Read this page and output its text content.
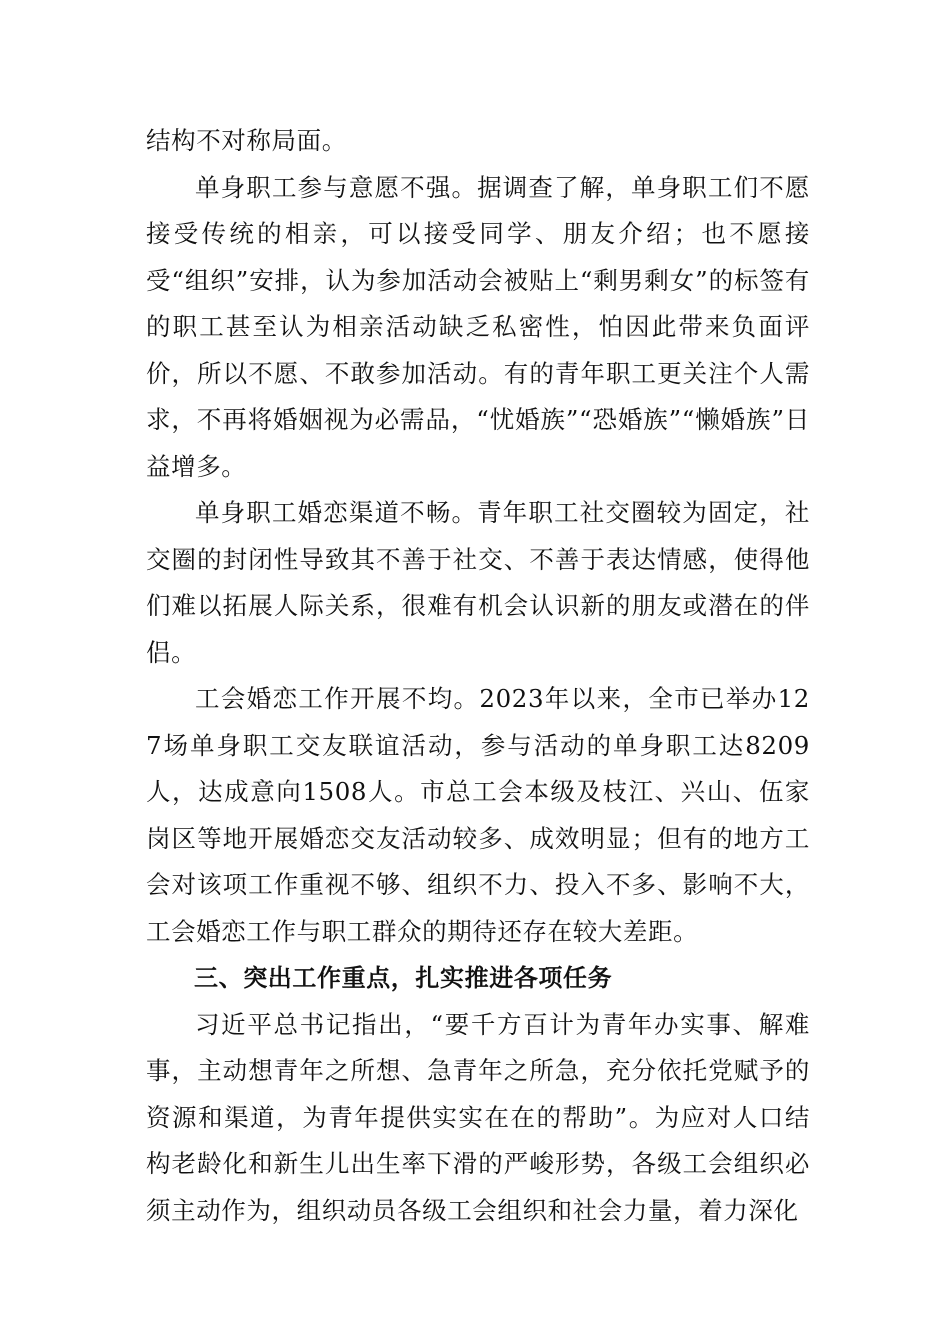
结构不对称局面。

单身职工参与意愿不强。据调查了解，单身职工们不愿接受传统的相亲，可以接受同学、朋友介绍；也不愿接受“组织”安排，认为参加活动会被贴上“剩男剩女”的标签有的职工甚至认为相亲活动缺乏私密性，怕因此带来负面评价，所以不愿、不敢参加活动。有的青年职工更关注个人需求，不再将婚姻视为必需品，“忧婚族”“恐婚族”“懒婚族”日益增多。

单身职工婚恋渠道不畅。青年职工社交圈较为固定，社交圈的封闭性导致其不善于社交、不善于表达情感，使得他们难以拓展人际关系，很难有机会认识新的朋友或潜在的伴侣。

工会婚恋工作开展不均。2023年以来，全市已举办127场单身职工交友联谊活动，参与活动的单身职工达8209人，达成意向1508人。市总工会本级及枝江、兴山、伍家岗区等地开展婚恋交友活动较多、成效明显；但有的地方工会对该项工作重视不够、组织不力、投入不多、影响不大，工会婚恋工作与职工群众的期待还存在较大差距。

三、突出工作重点，扎实推进各项任务

习近平总书记指出，“要千方百计为青年办实事、解难事，主动想青年之所想、急青年之所急，充分依托党赋予的资源和渠道，为青年提供实实在在的帮助”。为应对人口结构老龄化和新生儿出生率下滑的严峻形势，各级工会组织必须主动作为，组织动员各级工会组织和社会力量，着力深化
